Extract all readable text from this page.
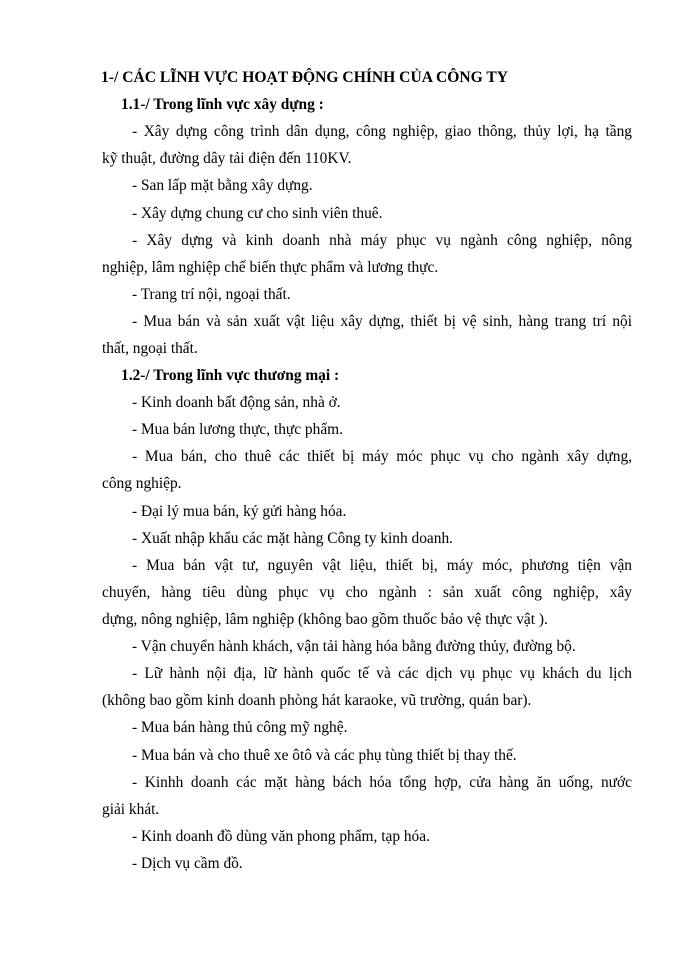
1-/ CÁC LĨNH VỰC HOẠT ĐỘNG CHÍNH CỦA CÔNG TY
1.1-/ Trong lĩnh vực xây dựng :
- Xây dựng công trình dân dụng, công nghiệp, giao thông, thủy lợi, hạ tầng
kỹ thuật, đường dây tải điện đến 110KV.
- San lấp mặt bằng xây dựng.
- Xây dựng chung cư cho sinh viên thuê.
- Xây dựng và kinh doanh nhà máy phục vụ ngành công nghiệp, nông
nghiệp, lâm nghiệp chế biến thực phẩm và lương thực.
- Trang trí nội, ngoại thất.
- Mua bán và sản xuất vật liệu xây dựng, thiết bị vệ sinh, hàng trang trí nội
thất, ngoại thất.
1.2-/ Trong lĩnh vực thương mại :
- Kinh doanh bất động sản, nhà ở.
- Mua bán lương thực, thực phẩm.
- Mua bán, cho thuê các thiết bị máy móc phục vụ cho ngành xây dựng,
công nghiệp.
- Đại lý mua bán, ký gửi hàng hóa.
- Xuất nhập khẩu các mặt hàng Công ty kinh doanh.
- Mua bán vật tư, nguyên vật liệu, thiết bị, máy móc, phương tiện vận
chuyển, hàng tiêu dùng phục vụ cho ngành : sản xuất công nghiệp, xây
dựng, nông nghiệp, lâm nghiệp (không bao gồm thuốc bảo vệ thực vật ).
- Vận chuyển hành khách, vận tải hàng hóa bằng đường thủy, đường bộ.
- Lữ hành nội địa, lữ hành quốc tế và các dịch vụ phục vụ khách du lịch
(không bao gồm kinh doanh phòng hát karaoke, vũ trường, quán bar).
- Mua bán hàng thủ công mỹ nghệ.
- Mua bán và cho thuê xe ôtô và các phụ tùng thiết bị thay thế.
- Kinhh doanh các mặt hàng bách hóa tổng hợp, cửa hàng ăn uống, nước
giải khát.
- Kinh doanh đồ dùng văn phong phẩm, tạp hóa.
- Dịch vụ cầm đồ.
